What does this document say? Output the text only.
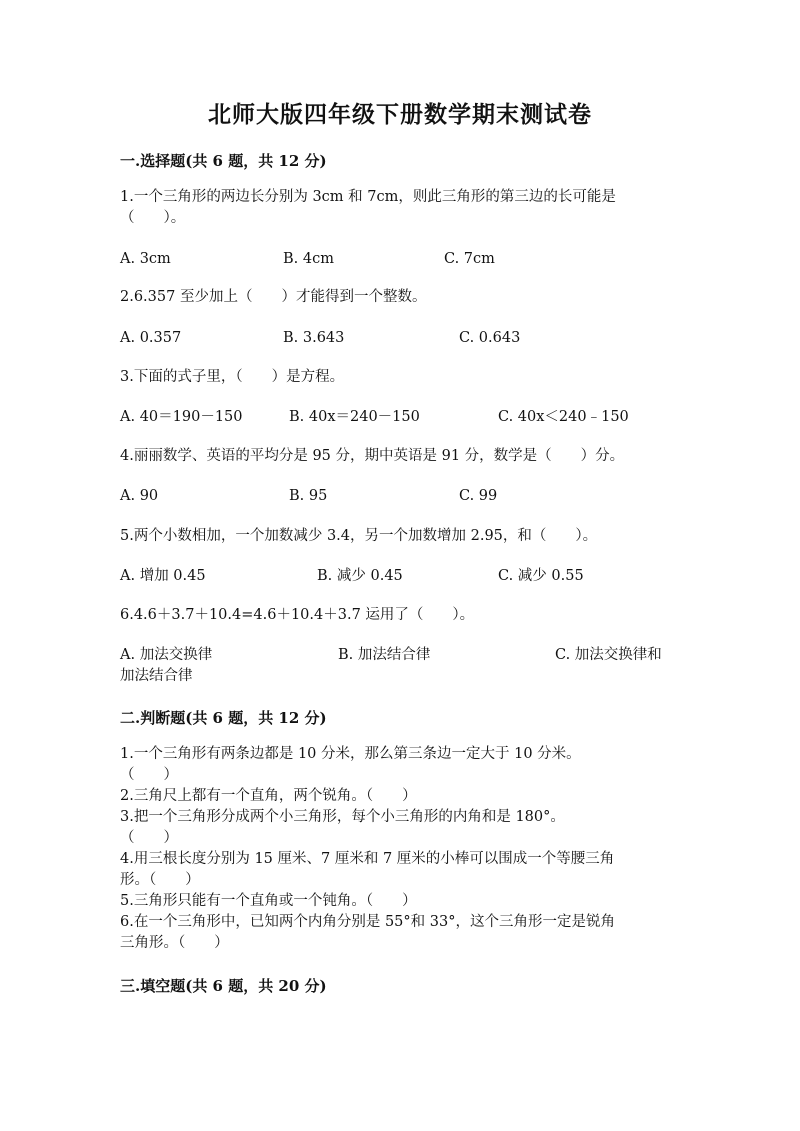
北师大版四年级下册数学期末测试卷
一.选择题(共 6 题，共 12 分)
1.一个三角形的两边长分别为 3cm 和 7cm，则此三角形的第三边的长可能是
（　　）。
A. 3cm	B. 4cm	C. 7cm
2.6.357 至少加上（　　）才能得到一个整数。
A. 0.357	B. 3.643	C. 0.643
3.下面的式子里，（　　）是方程。
A. 40＝190－150	B. 40x＝240－150	C. 40x＜240﹣150
4.丽丽数学、英语的平均分是 95 分，期中英语是 91 分，数学是（　　）分。
A. 90	B. 95	C. 99
5.两个小数相加，一个加数减少 3.4，另一个加数增加 2.95，和（　　）。
A. 增加 0.45	B. 减少 0.45	C. 减少 0.55
6.4.6＋3.7＋10.4=4.6＋10.4＋3.7 运用了（　　）。
A. 加法交换律	B. 加法结合律	C. 加法交换律和
加法结合律
二.判断题(共 6 题，共 12 分)
1.一个三角形有两条边都是 10 分米，那么第三条边一定大于 10 分米。
（　　）
2.三角尺上都有一个直角，两个锐角。（　　）
3.把一个三角形分成两个小三角形，每个小三角形的内角和是 180°。
（　　）
4.用三根长度分别为 15 厘米、7 厘米和 7 厘米的小棒可以围成一个等腰三角
形。（　　）
5.三角形只能有一个直角或一个钝角。（　　）
6.在一个三角形中，已知两个内角分别是 55°和 33°，这个三角形一定是锐角
三角形。（　　）
三.填空题(共 6 题，共 20 分)
